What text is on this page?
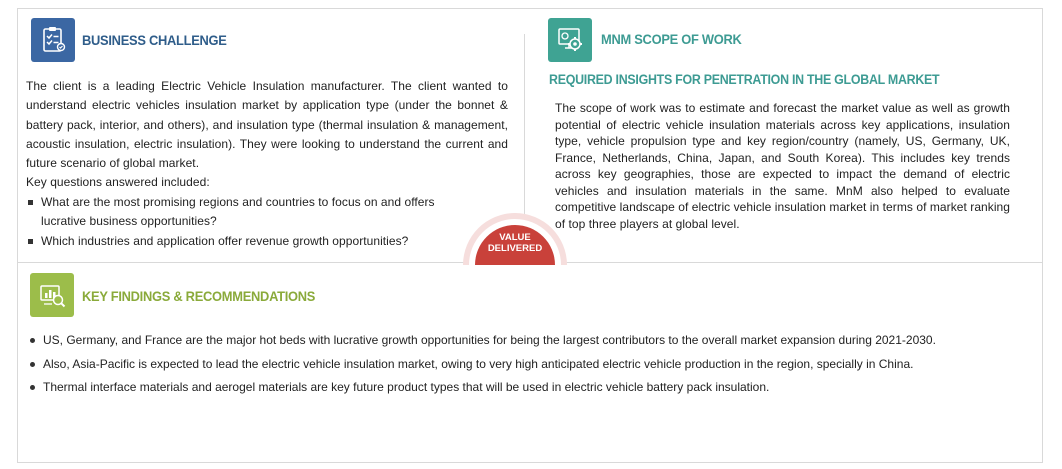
BUSINESS CHALLENGE

The client is a leading Electric Vehicle Insulation manufacturer. The client wanted to understand electric vehicles insulation market by application type (under the bonnet & battery pack, interior, and others), and insulation type (thermal insulation & management, acoustic insulation, electric insulation). They were looking to understand the current and future scenario of global market.

Key questions answered included:

What are the most promising regions and countries to focus on and offers lucrative business opportunities?
Which industries and application offer revenue growth opportunities?
MNM SCOPE OF WORK
REQUIRED INSIGHTS FOR PENETRATION IN THE GLOBAL MARKET
The scope of work was to estimate and forecast the market value as well as growth potential of electric vehicle insulation materials across key applications, insulation type, vehicle propulsion type and key region/country (namely, US, Germany, UK, France, Netherlands, China, Japan, and South Korea). This includes key trends across key geographies, those are expected to impact the demand of electric vehicles and insulation materials in the same. MnM also helped to evaluate competitive landscape of electric vehicle insulation market in terms of market ranking of top three players at global level.
VALUE
DELIVERED
KEY FINDINGS & RECOMMENDATIONS
US, Germany, and France are the major hot beds with lucrative growth opportunities for being the largest contributors to the overall market expansion during 2021-2030.
Also, Asia-Pacific is expected to lead the electric vehicle insulation market, owing to very high anticipated electric vehicle production in the region, specially in China.
Thermal interface materials and aerogel materials are key future product types that will be used in electric vehicle battery pack insulation.
